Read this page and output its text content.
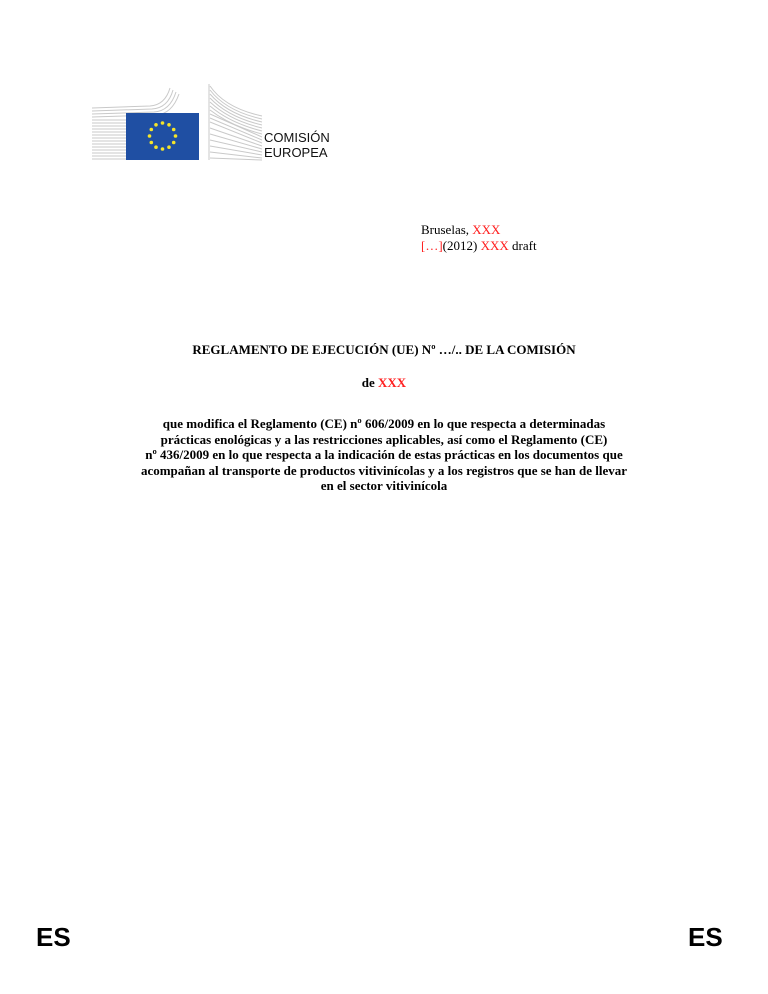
COMISIÓN
EUROPEA
Bruselas, XXX
[…](2012) XXX draft
REGLAMENTO DE EJECUCIÓN (UE) Nº …/.. DE LA COMISIÓN
de XXX
que modifica el Reglamento (CE) nº 606/2009 en lo que respecta a determinadas
prácticas enológicas y a las restricciones aplicables, así como el Reglamento (CE)
nº 436/2009 en lo que respecta a la indicación de estas prácticas en los documentos que
acompañan al transporte de productos vitivinícolas y a los registros que se han de llevar
en el sector vitivinícola
ES	ES
